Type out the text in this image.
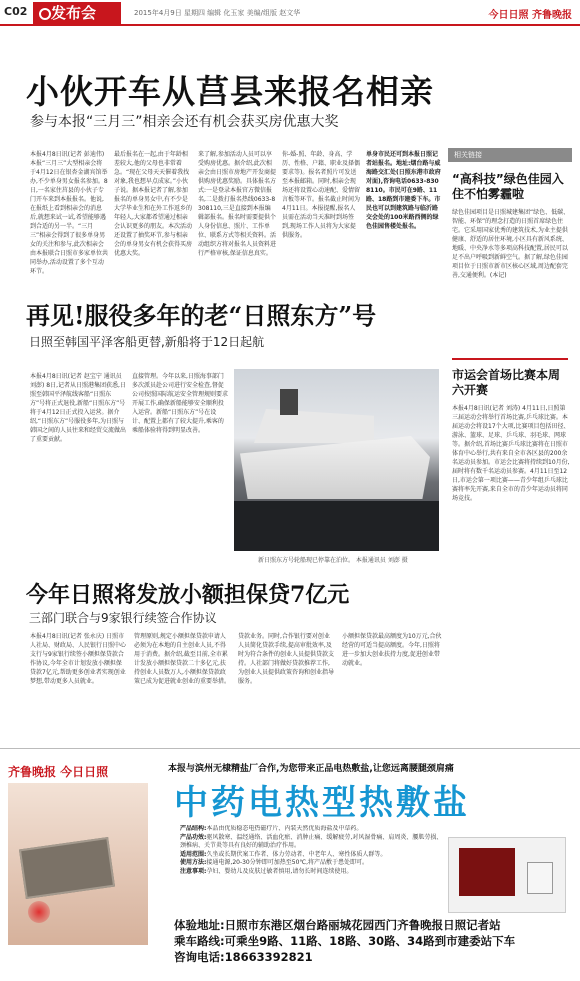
C02	发布会	2015年4月9日 星期四 编辑 化玉家 美编/组版 赵文华	今日日照 齐鲁晚报
小伙开车从莒县来报名相亲
参与本报“三月三”相亲会还有机会获买房优惠大奖
本报4月8日讯(记者 彭迪伟) 本报“三月三”大型相亲会将于4月12日在银杏金湖宾馆举办,不少单身男女报名参加。8日,一名家住莒县的小伙子专门开车来到本报报名。他说,在报纸上看到相亲会的消息后,就想来试一试,希望能够遇到合适的另一半。“三月三”相亲会得到了很多单身男女的关注和参与,此次相亲会由本报联合日照市多家单位共同举办,活动设置了多个互动环节。
最后报名在一起,由于年龄相差较大,他的父母也非常着急。“现在父母天天催着我找对象,我也想早点成家。”小伙子说。据本报记者了解,参加报名的单身男女中,有不少是大学毕业生和在外工作返乡的年轻人,大家都希望通过相亲会认识更多的朋友。本次活动还设置了抽奖环节,参与相亲会的单身男女有机会获得买房优惠大奖。
来了解,参加活动人员可以享受购房优惠。据介绍,此次相亲会由日照市房地产开发商提供购房优惠奖励。具体报名方式:一是登录本报官方微信报名,二是拨打报名热线0633-8308110,三是直接到本报编辑部报名。报名时需要提供个人身份信息、照片、工作单位、联系方式等相关资料。活动组织方将对报名人员资料进行严格审核,保证信息真实。
你-婚-照、年龄、身高、学历、性格、户籍、职业及择偶要求等)。报名者照片可发送至本报邮箱。同时,相亲会现场还将设置心动速配、爱情留言板等环节。报名截止时间为4月11日。本报提醒,报名人员需在活动当天准时到场签到,现场工作人员将为大家提供服务。
单身市民还可到本报日照记者站报名。地址:烟台路与威海路交汇处(日照东港市政府对面),咨询电话0633-8308110。市民可在9路、11路、18路到市建委下车。市民也可以到建筑路与临沂路交会处的100米路西侧的绿色佳园售楼处报名。
相关链接
“高科技”绿色佳园入住不怕雾霾啦
绿色佳园项目是日照城建集团“绿色、低碳、智能、环保”的理念打造的日照首席绿色住宅。它采用国家优秀的建筑技术,为业主提供健康、舒适的居住环境,小区具有新风系统、地暖、中央净水等多项高科技配置,居民可以足不出户呼吸到新鲜空气。据了解,绿色佳园项目位于日照市新市区核心区域,周边配套完善,交通便利。(本记)
市运会首场比赛本周六开赛
本报4月8日讯(记者 刘涛) 4月11日,日照第三届运动会将举行首场比赛,乒乓球比赛。本届运动会将设17个大项,比赛项目包括田径、游泳、篮球、足球、乒乓球、羽毛球、网球等。据介绍,首场比赛乒乓球比赛将在日照市体育中心举行,共有来自全市各区县的200余名运动员参加。市运会比赛将持续到10月份,届时将有数千名运动员参赛。4月11日至12日,市运会第一项比赛——青少年组乒乓球比赛将率先开赛,来自全市的青少年运动员将同场竞技。
再见!服役多年的老“日照东方”号
日照至韩国平泽客船更替,新船将于12日起航
本报4月8日讯(记者 赵宝宁 通讯员 刘澎) 8日,记者从日照港集团获悉,日照至韩国平泽航线客船“日照东方”号将正式退役,新船“日照东方”号将于4月12日正式投入运营。据介绍,“日照东方”号服役多年,为日照与韩国之间的人员往来和经贸交流做出了重要贡献。
直接管理。今年以来,日照海事部门多次派员赴公司进行安全检查,督促公司按照国际航运安全管理规则要求开展工作,确保新船能够安全顺利投入运营。新船“日照东方”号在设计、配置上都有了较大提升,乘客的乘船体验将得到明显改善。
新日照东方号轮船现已停靠在泊位。 本报通讯员 刘澎 摄
今年日照将发放小额担保贷7亿元
三部门联合与9家银行续签合作协议
本报4月8日讯(记者 张永庆) 日照市人社局、财政局、人民银行日照中心支行与9家银行续签小额担保贷款合作协议,今年全市计划发放小额担保贷款7亿元,帮助更多创业者实现创业梦想,带动更多人员就业。
管理原则,规定小额担保贷款申请人必须为在本地的自主创业人员,不得用于消费。据介绍,截至目前,全市累计发放小额担保贷款二十多亿元,扶持创业人员数万人,小额担保贷款政策已成为促进就业创业的重要举措。
贷款业务。同时,合作银行要对创业人员简化贷款手续,提高审批效率,及时为符合条件的创业人员提供贷款支持。人社部门将做好贷款推荐工作,为创业人员提供政策咨询和创业指导服务。
小额担保贷款最高额度为10万元,合伙经营的可适当提高额度。今年,日照将进一步加大创业扶持力度,促进创业带动就业。
齐鲁晚报 今日日照	本报与滨州无棣精盐厂合作,为您带来正品电热敷盐,让您远离腰腿颈肩痛
中药电热型热敷盐
产品结构:本品由优质稳态电热磁疗片、内装天然优质海盐及中草药。
产品功效:驱风散寒、温经通络、活血化瘀、消肿止痛、缓解疲劳,对风湿骨痛、肩周炎、腰肌劳损、颈椎病、关节炎等具有良好的辅助治疗作用。
适用范围:久坐或长期伏案工作者、体力劳动者、中老年人、寒性体质人群等。
使用方法:接通电源,20-30分钟即可加热至50℃,将产品敷于患处即可。
注意事项:孕妇、婴幼儿及皮肤过敏者慎用,请勿长时间连续使用。
体验地址:日照市东港区烟台路丽城花园西门齐鲁晚报日照记者站
乘车路线:可乘坐9路、11路、18路、30路、34路到市建委站下车
咨询电话:18663392821
